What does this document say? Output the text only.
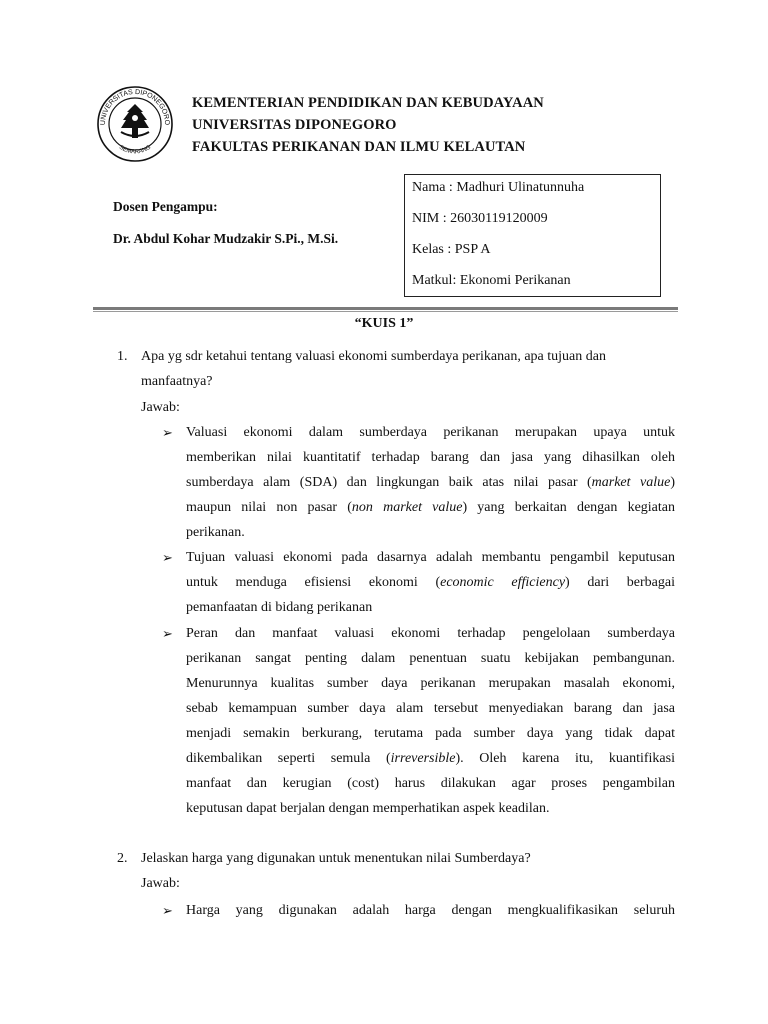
UNIVERSITAS DIPONEGORO
SEMARANG
KEMENTERIAN PENDIDIKAN DAN KEBUDAYAAN
UNIVERSITAS DIPONEGORO
FAKULTAS PERIKANAN DAN ILMU KELAUTAN
Dosen Pengampu:
Dr. Abdul Kohar Mudzakir S.Pi., M.Si.
Nama : Madhuri Ulinatunnuha
NIM : 26030119120009
Kelas : PSP A
Matkul: Ekonomi Perikanan
“KUIS 1”
1. Apa yg sdr ketahui tentang valuasi ekonomi sumberdaya perikanan, apa tujuan dan
manfaatnya?
Jawab:
➢ Valuasi ekonomi dalam sumberdaya perikanan merupakan upaya untuk
memberikan nilai kuantitatif terhadap barang dan jasa yang dihasilkan oleh
sumberdaya alam (SDA) dan lingkungan baik atas nilai pasar (market value)
maupun nilai non pasar (non market value) yang berkaitan dengan kegiatan
perikanan.
➢ Tujuan valuasi ekonomi pada dasarnya adalah membantu pengambil keputusan
untuk menduga efisiensi ekonomi (economic efficiency) dari berbagai
pemanfaatan di bidang perikanan
➢ Peran dan manfaat valuasi ekonomi terhadap pengelolaan sumberdaya
perikanan sangat penting dalam penentuan suatu kebijakan pembangunan.
Menurunnya kualitas sumber daya perikanan merupakan masalah ekonomi,
sebab kemampuan sumber daya alam tersebut menyediakan barang dan jasa
menjadi semakin berkurang, terutama pada sumber daya yang tidak dapat
dikembalikan seperti semula (irreversible). Oleh karena itu, kuantifikasi
manfaat dan kerugian (cost) harus dilakukan agar proses pengambilan
keputusan dapat berjalan dengan memperhatikan aspek keadilan.
2. Jelaskan harga yang digunakan untuk menentukan nilai Sumberdaya?
Jawab:
➢ Harga yang digunakan adalah harga dengan mengkualifikasikan seluruh
